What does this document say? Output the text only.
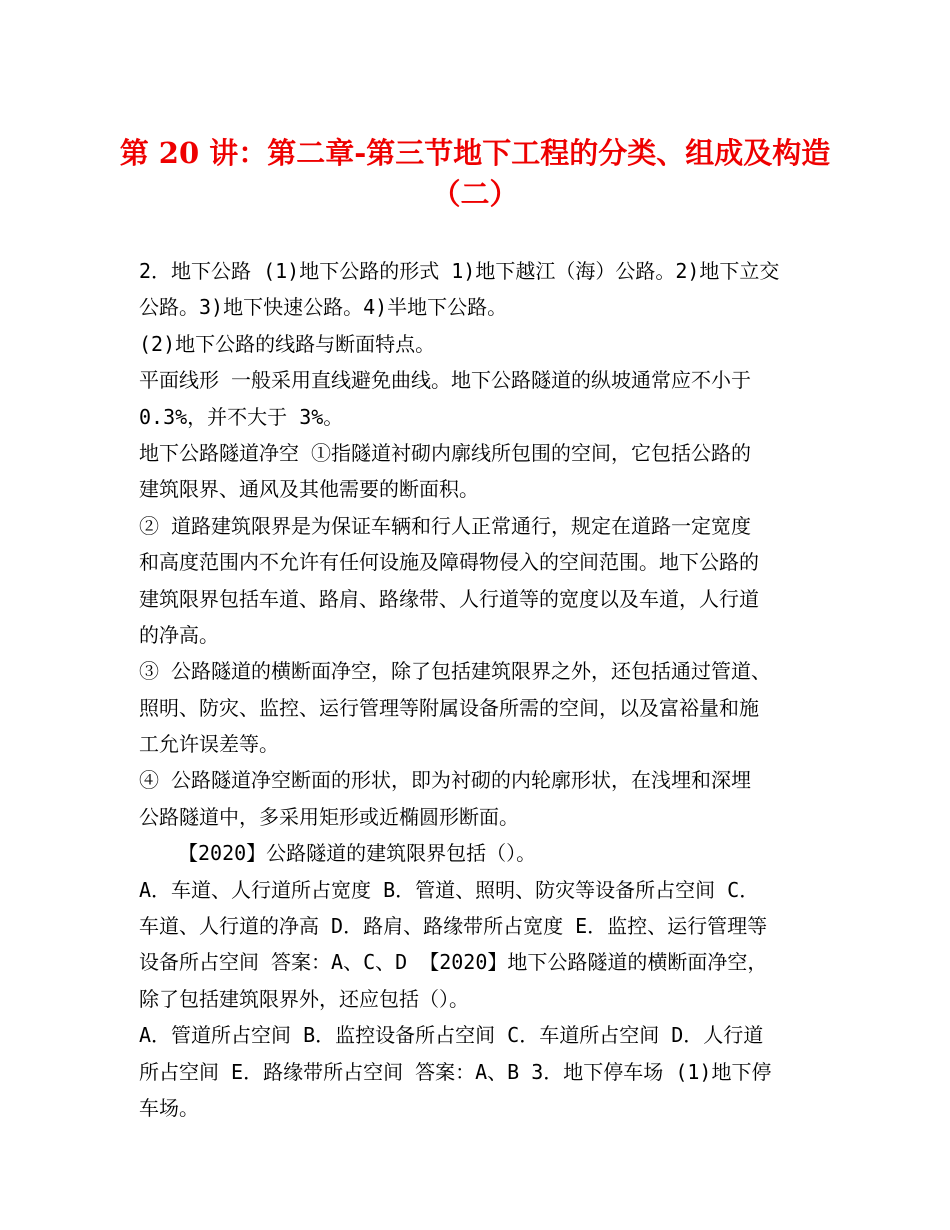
第 20 讲：第二章-第三节地下工程的分类、组成及构造
（二）
2．地下公路 (1)地下公路的形式 1)地下越江（海）公路。2)地下立交
公路。3)地下快速公路。4)半地下公路。
(2)地下公路的线路与断面特点。
平面线形 一般采用直线避免曲线。地下公路隧道的纵坡通常应不小于
0.3%，并不大于 3%。
地下公路隧道净空 ①指隧道衬砌内廓线所包围的空间，它包括公路的
建筑限界、通风及其他需要的断面积。
② 道路建筑限界是为保证车辆和行人正常通行，规定在道路一定宽度
和高度范围内不允许有任何设施及障碍物侵入的空间范围。地下公路的
建筑限界包括车道、路肩、路缘带、人行道等的宽度以及车道，人行道
的净高。
③ 公路隧道的横断面净空，除了包括建筑限界之外，还包括通过管道、
照明、防灾、监控、运行管理等附属设备所需的空间，以及富裕量和施
工允许误差等。
④ 公路隧道净空断面的形状，即为衬砌的内轮廓形状，在浅埋和深埋
公路隧道中，多采用矩形或近椭圆形断面。
【2020】公路隧道的建筑限界包括（）。
A．车道、人行道所占宽度 B．管道、照明、防灾等设备所占空间 C．
车道、人行道的净高 D．路肩、路缘带所占宽度 E．监控、运行管理等
设备所占空间 答案：A、C、D 【2020】地下公路隧道的横断面净空，
除了包括建筑限界外，还应包括（）。
A．管道所占空间 B．监控设备所占空间 C．车道所占空间 D．人行道
所占空间 E．路缘带所占空间 答案：A、B 3．地下停车场 (1)地下停
车场。
